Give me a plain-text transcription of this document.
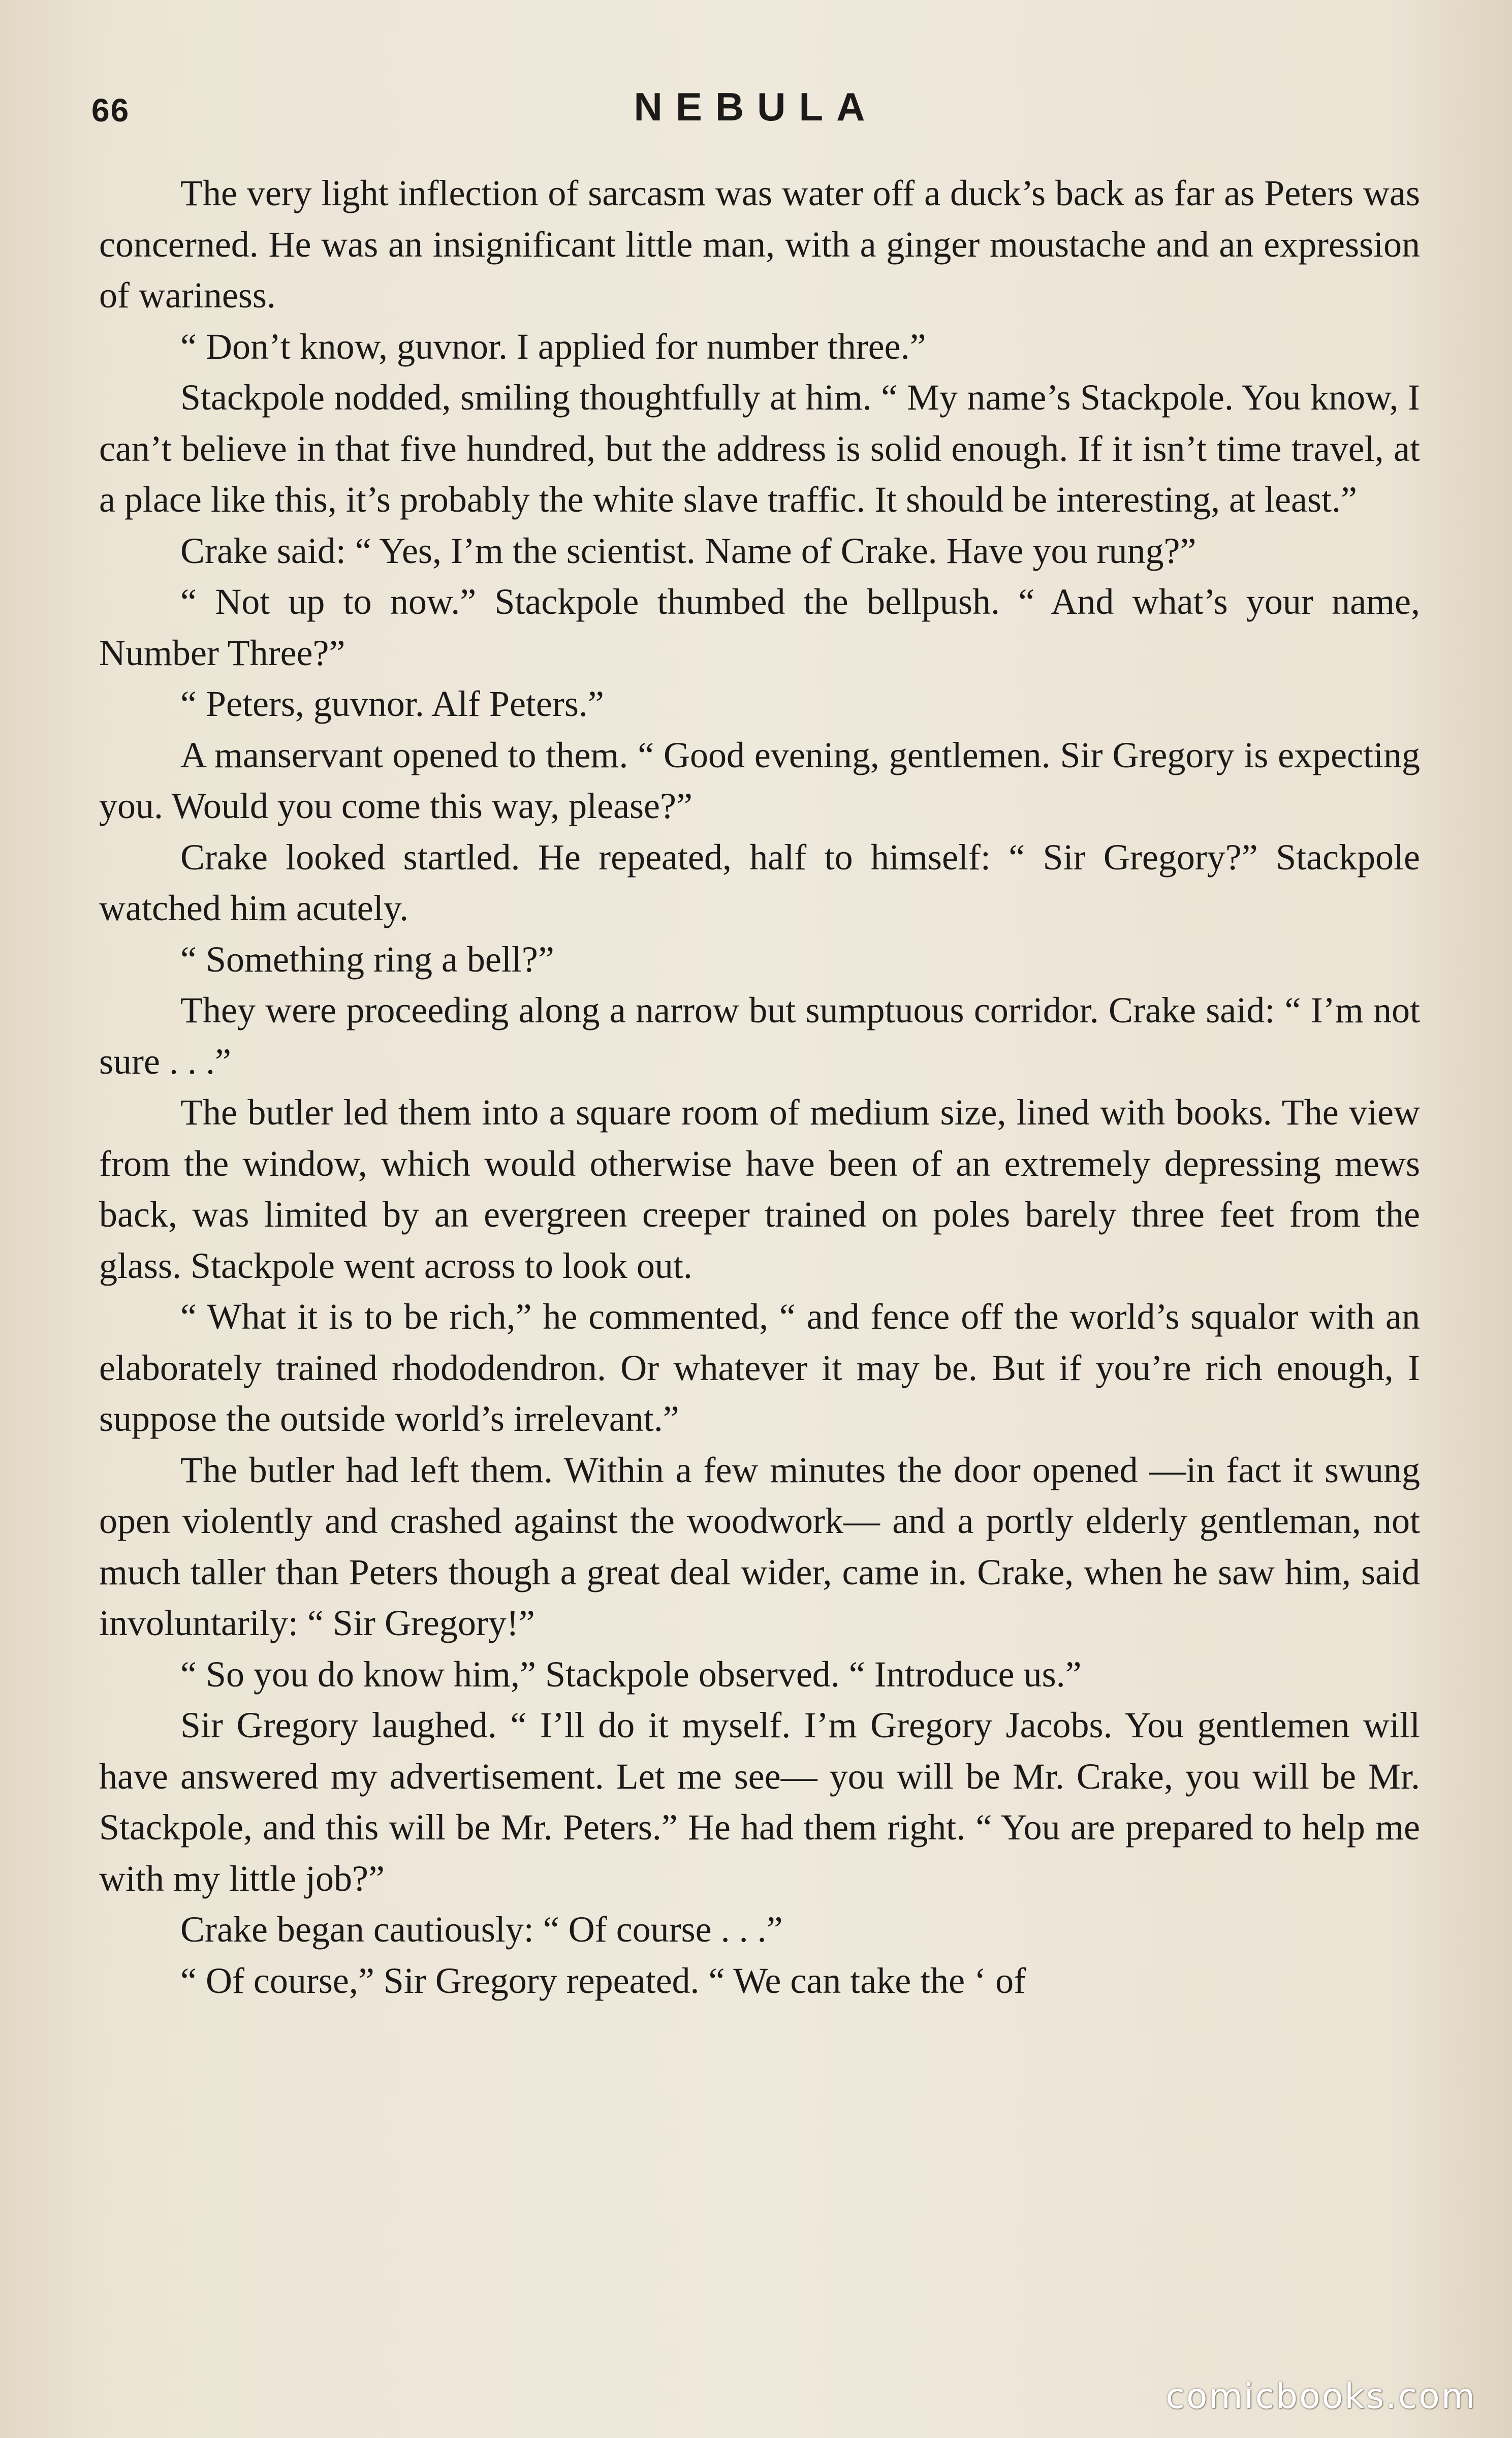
66	NEBULA

The very light inflection of sarcasm was water off a duck’s back as far as Peters was concerned. He was an insignificant little man, with a ginger moustache and an expression of wariness.

“ Don’t know, guvnor. I applied for number three.”

Stackpole nodded, smiling thoughtfully at him. “ My name’s Stackpole. You know, I can’t believe in that five hundred, but the address is solid enough. If it isn’t time travel, at a place like this, it’s probably the white slave traffic. It should be interesting, at least.”

Crake said: “ Yes, I’m the scientist. Name of Crake. Have you rung?”

“ Not up to now.” Stackpole thumbed the bellpush. “ And what’s your name, Number Three?”

“ Peters, guvnor. Alf Peters.”

A manservant opened to them. “ Good evening, gentlemen. Sir Gregory is expecting you. Would you come this way, please?”

Crake looked startled. He repeated, half to himself: “ Sir Gregory?” Stackpole watched him acutely.

“ Something ring a bell?”

They were proceeding along a narrow but sumptuous corridor. Crake said: “ I’m not sure . . .”

The butler led them into a square room of medium size, lined with books. The view from the window, which would otherwise have been of an extremely depressing mews back, was limited by an evergreen creeper trained on poles barely three feet from the glass. Stackpole went across to look out.

“ What it is to be rich,” he commented, “ and fence off the world’s squalor with an elaborately trained rhododendron. Or whatever it may be. But if you’re rich enough, I suppose the outside world’s irrelevant.”

The butler had left them. Within a few minutes the door opened —in fact it swung open violently and crashed against the woodwork— and a portly elderly gentleman, not much taller than Peters though a great deal wider, came in. Crake, when he saw him, said involuntarily: “ Sir Gregory!”

“ So you do know him,” Stackpole observed. “ Introduce us.”

Sir Gregory laughed. “ I’ll do it myself. I’m Gregory Jacobs. You gentlemen will have answered my advertisement. Let me see— you will be Mr. Crake, you will be Mr. Stackpole, and this will be Mr. Peters.” He had them right. “ You are prepared to help me with my little job?”

Crake began cautiously: “ Of course . . .”

“ Of course,” Sir Gregory repeated. “ We can take the ‘ of

comicbooks.com
